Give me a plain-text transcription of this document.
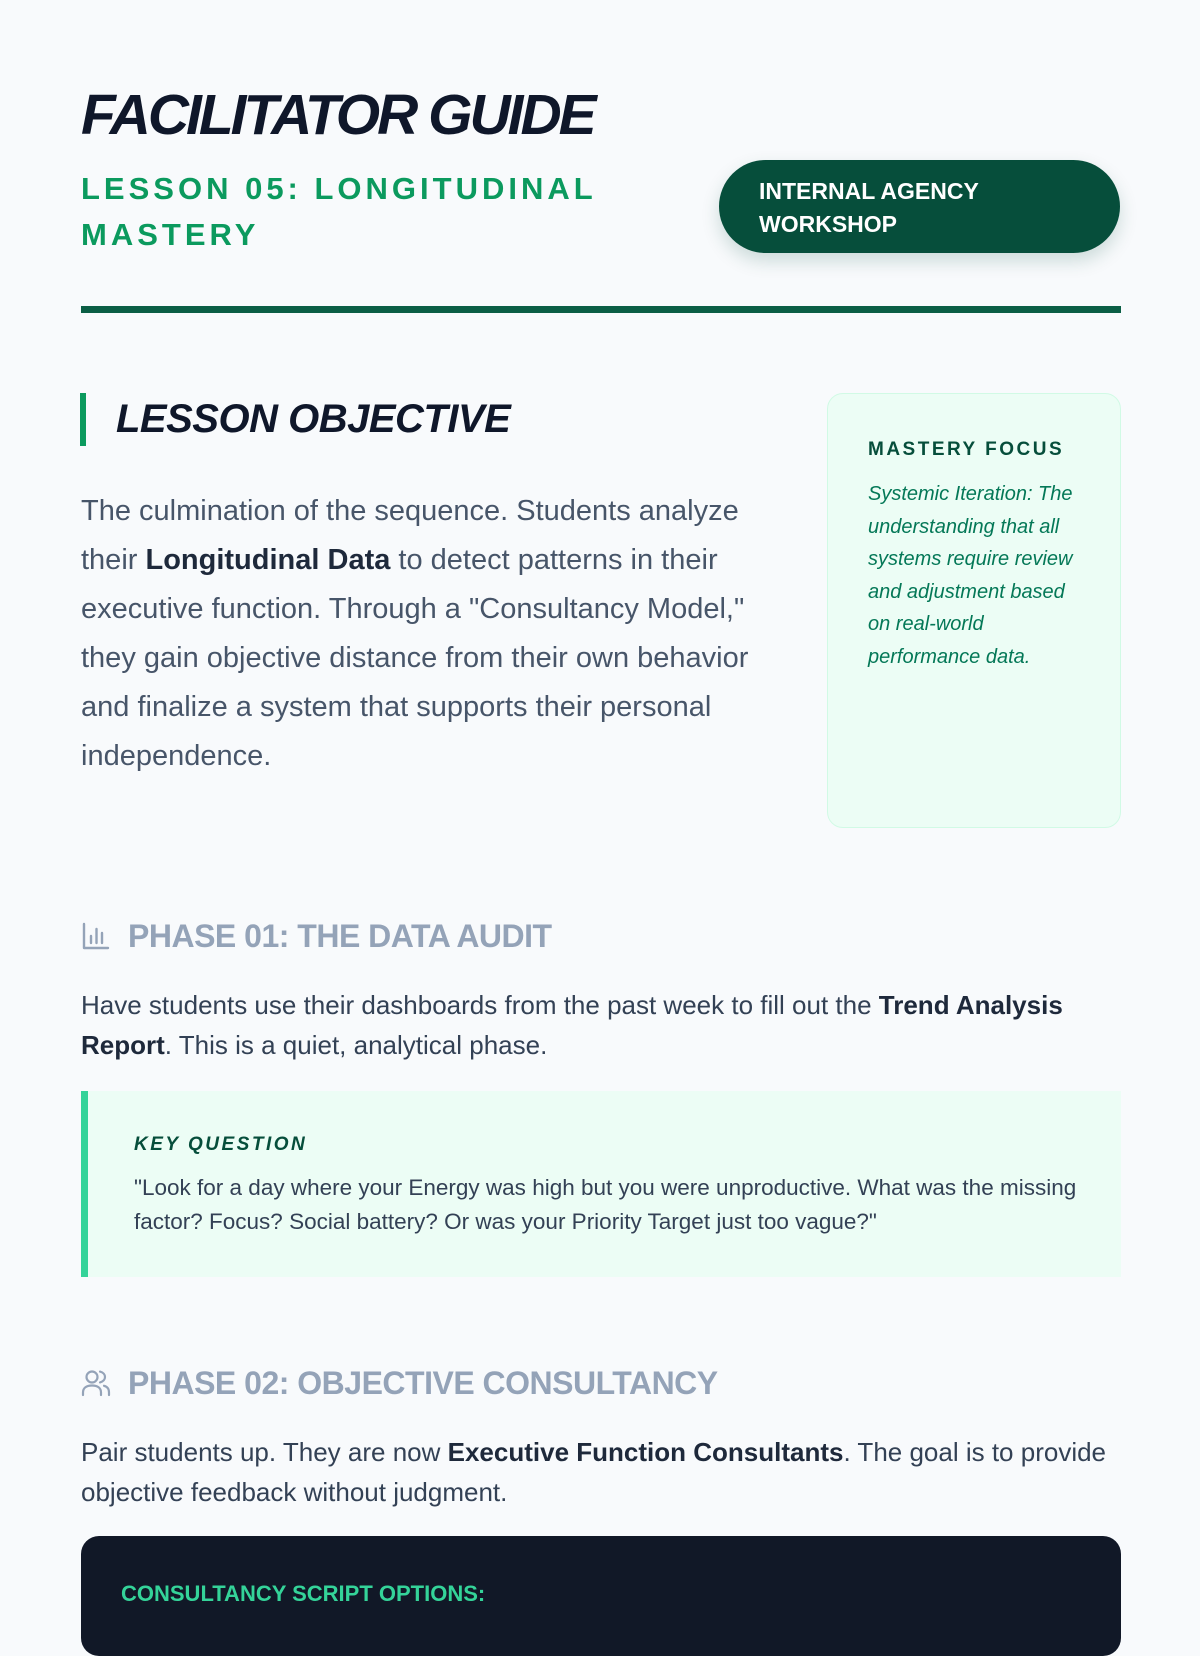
FACILITATOR GUIDE
LESSON 05: LONGITUDINAL MASTERY
INTERNAL AGENCY WORKSHOP
LESSON OBJECTIVE

The culmination of the sequence. Students analyze their Longitudinal Data to detect patterns in their executive function. Through a "Consultancy Model," they gain objective distance from their own behavior and finalize a system that supports their personal independence.

MASTERY FOCUS

Systemic Iteration: The understanding that all systems require review and adjustment based on real-world performance data.

PHASE 01: THE DATA AUDIT

Have students use their dashboards from the past week to fill out the Trend Analysis Report. This is a quiet, analytical phase.

KEY QUESTION

"Look for a day where your Energy was high but you were unproductive. What was the missing factor? Focus? Social battery? Or was your Priority Target just too vague?"

PHASE 02: OBJECTIVE CONSULTANCY

Pair students up. They are now Executive Function Consultants. The goal is to provide objective feedback without judgment.

CONSULTANCY SCRIPT OPTIONS:
